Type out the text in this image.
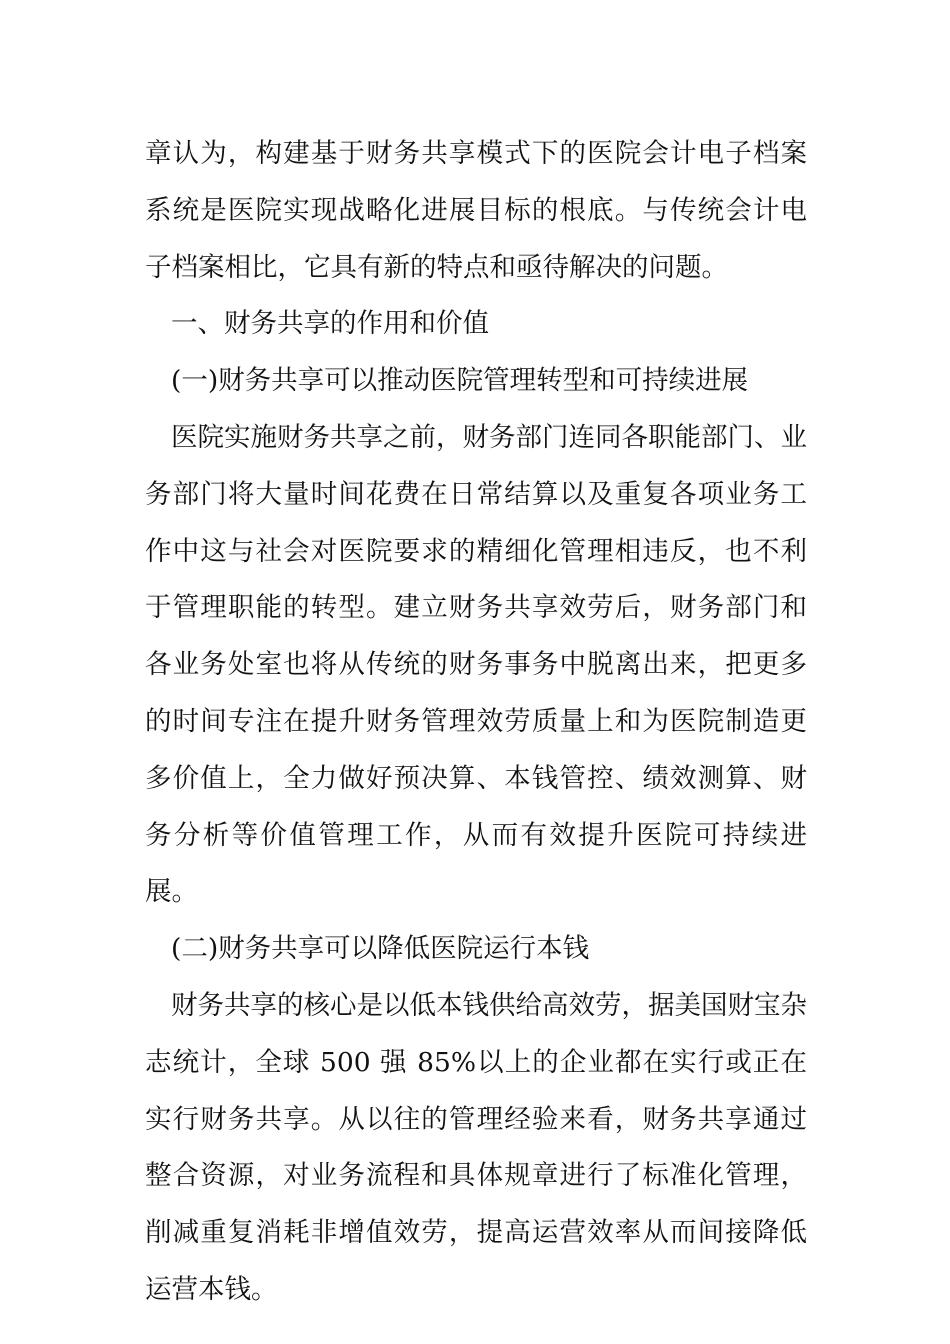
章认为，构建基于财务共享模式下的医院会计电子档案系统是医院实现战略化进展目标的根底。与传统会计电子档案相比，它具有新的特点和亟待解决的问题。

一、财务共享的作用和价值

(一)财务共享可以推动医院管理转型和可持续进展

医院实施财务共享之前，财务部门连同各职能部门、业务部门将大量时间花费在日常结算以及重复各项业务工作中这与社会对医院要求的精细化管理相违反，也不利于管理职能的转型。建立财务共享效劳后，财务部门和各业务处室也将从传统的财务事务中脱离出来，把更多的时间专注在提升财务管理效劳质量上和为医院制造更多价值上，全力做好预决算、本钱管控、绩效测算、财务分析等价值管理工作，从而有效提升医院可持续进展。

(二)财务共享可以降低医院运行本钱

财务共享的核心是以低本钱供给高效劳，据美国财宝杂志统计，全球 500 强 85%以上的企业都在实行或正在实行财务共享。从以往的管理经验来看，财务共享通过整合资源，对业务流程和具体规章进行了标准化管理，削减重复消耗非增值效劳，提高运营效率从而间接降低运营本钱。
